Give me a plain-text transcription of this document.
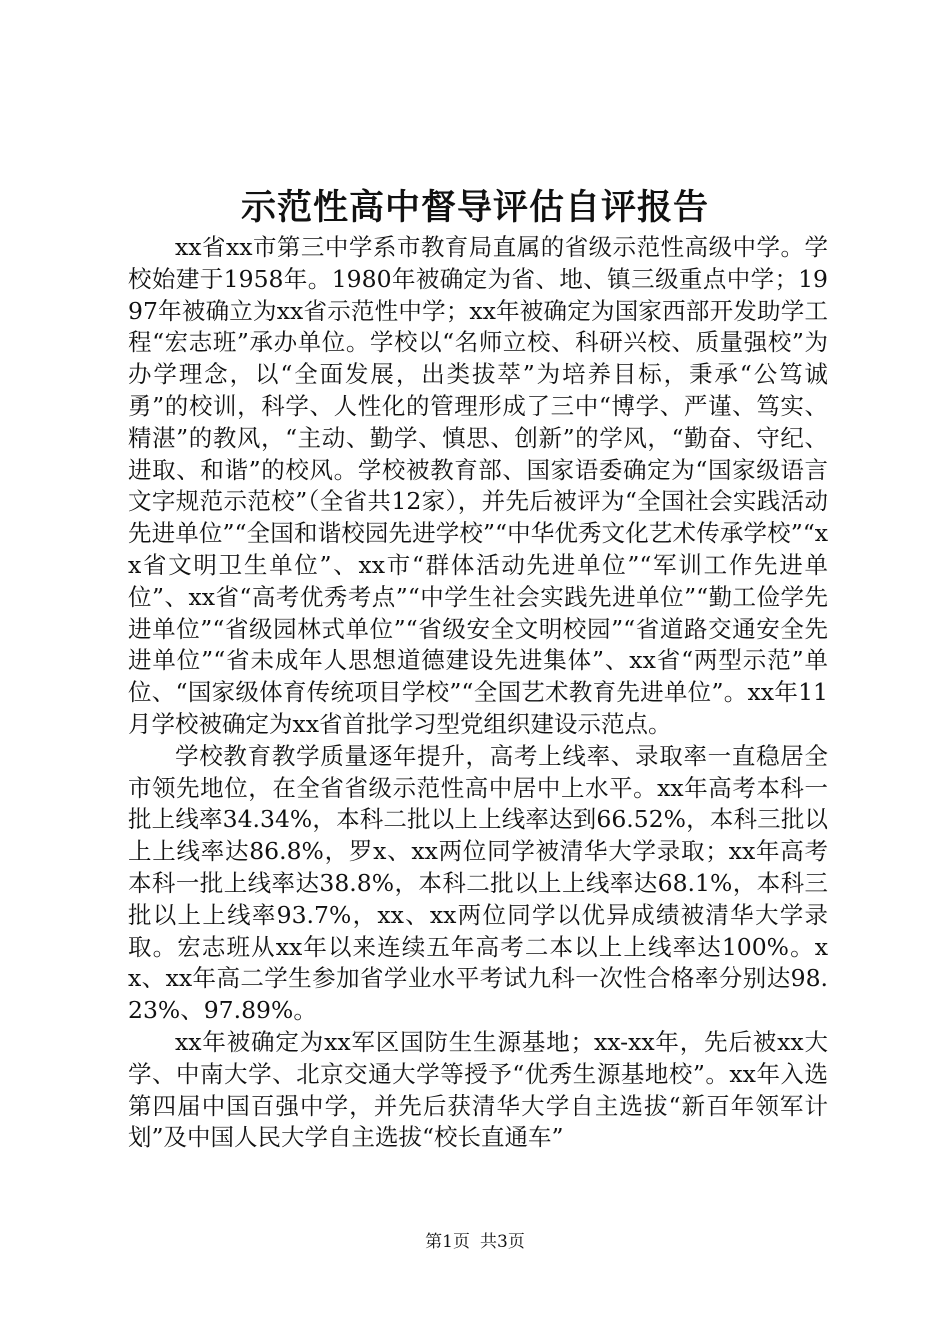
示范性高中督导评估自评报告

xx省xx市第三中学系市教育局直属的省级示范性高级中学。学校始建于1958年。1980年被确定为省、地、镇三级重点中学；1997年被确立为xx省示范性中学；xx年被确定为国家西部开发助学工程“宏志班”承办单位。学校以“名师立校、科研兴校、质量强校”为办学理念，以“全面发展，出类拔萃”为培养目标，秉承“公笃诚勇”的校训，科学、人性化的管理形成了三中“博学、严谨、笃实、精湛”的教风，“主动、勤学、慎思、创新”的学风，“勤奋、守纪、进取、和谐”的校风。学校被教育部、国家语委确定为“国家级语言文字规范示范校”（全省共12家），并先后被评为“全国社会实践活动先进单位”“全国和谐校园先进学校”“中华优秀文化艺术传承学校”“xx省文明卫生单位”、xx市“群体活动先进单位”“军训工作先进单位”、xx省“高考优秀考点”“中学生社会实践先进单位”“勤工俭学先进单位”“省级园林式单位”“省级安全文明校园”“省道路交通安全先进单位”“省未成年人思想道德建设先进集体”、xx省“两型示范”单位、“国家级体育传统项目学校”“全国艺术教育先进单位”。xx年11月学校被确定为xx省首批学习型党组织建设示范点。

学校教育教学质量逐年提升，高考上线率、录取率一直稳居全市领先地位，在全省省级示范性高中居中上水平。xx年高考本科一批上线率34.34%，本科二批以上上线率达到66.52%，本科三批以上上线率达86.8%，罗x、xx两位同学被清华大学录取；xx年高考本科一批上线率达38.8%，本科二批以上上线率达68.1%，本科三批以上上线率93.7%，xx、xx两位同学以优异成绩被清华大学录取。宏志班从xx年以来连续五年高考二本以上上线率达100%。xx、xx年高二学生参加省学业水平考试九科一次性合格率分别达98.23%、97.89%。

xx年被确定为xx军区国防生生源基地；xx-xx年，先后被xx大学、中南大学、北京交通大学等授予“优秀生源基地校”。xx年入选第四届中国百强中学，并先后获清华大学自主选拔“新百年领军计划”及中国人民大学自主选拔“校长直通车”

第1页 共3页
